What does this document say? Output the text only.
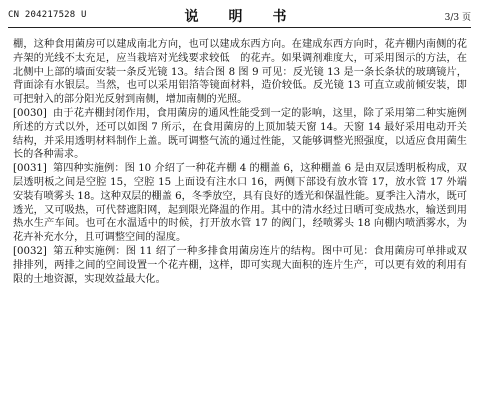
CN 204217528 U	说　明　书	3/3 页

棚，这种食用菌房可以建成南北方向，也可以建成东西方向。在建成东西方向时，花卉棚内南侧的花卉架的光线不太充足，应当栽培对光线要求较低　的花卉。如果调剂难度大，可采用图示的方法，在北侧中上部的墙面安装一条反光镜 13。结合图 8 图 9 可见：反光镜 13 是一条长条状的玻璃镜片，背面涂有水银层。当然，也可以采用铝箔等镜面材料，造价较低。反光镜 13 可直立或前倾安装，即可把射入的部分阳光反射到南侧，增加南侧的光照。

[0030] 由于花卉棚封闭作用，食用菌房的通风性能受到一定的影响，这里，除了采用第二种实施例所述的方式以外，还可以如图 7 所示，在食用菌房的上顶加装天窗 14。天窗 14 最好采用电动开关结构，并采用透明材料制作上盖。既可调整气流的通过性能，又能够调整光照强度，以适应食用菌生长的各种需求。

[0031] 第四种实施例：图 10 介绍了一种花卉棚 4 的棚盖 6，这种棚盖 6 是由双层透明板构成，双层透明板之间是空腔 15，空腔 15 上面设有注水口 16，两侧下部设有放水管 17，放水管 17 外端安装有喷雾头 18。这种双层的棚盖 6，冬季放空，具有良好的透光和保温性能。夏季注入清水，既可透光，又可吸热，可代替遮阳网，起到限光降温的作用。其中的清水经过日晒可变成热水，输送到用热水生产车间。也可在水温适中的时候，打开放水管 17 的阀门，经喷雾头 18 向棚内喷洒雾水，为花卉补充水分，且可调整空间的湿度。

[0032] 第五种实施例：图 11 绍了一种多排食用菌房连片的结构。图中可见：食用菌房可单排或双排排列，两排之间的空间设置一个花卉棚，这样，即可实现大面积的连片生产，可以更有效的利用有限的土地资源，实现效益最大化。
